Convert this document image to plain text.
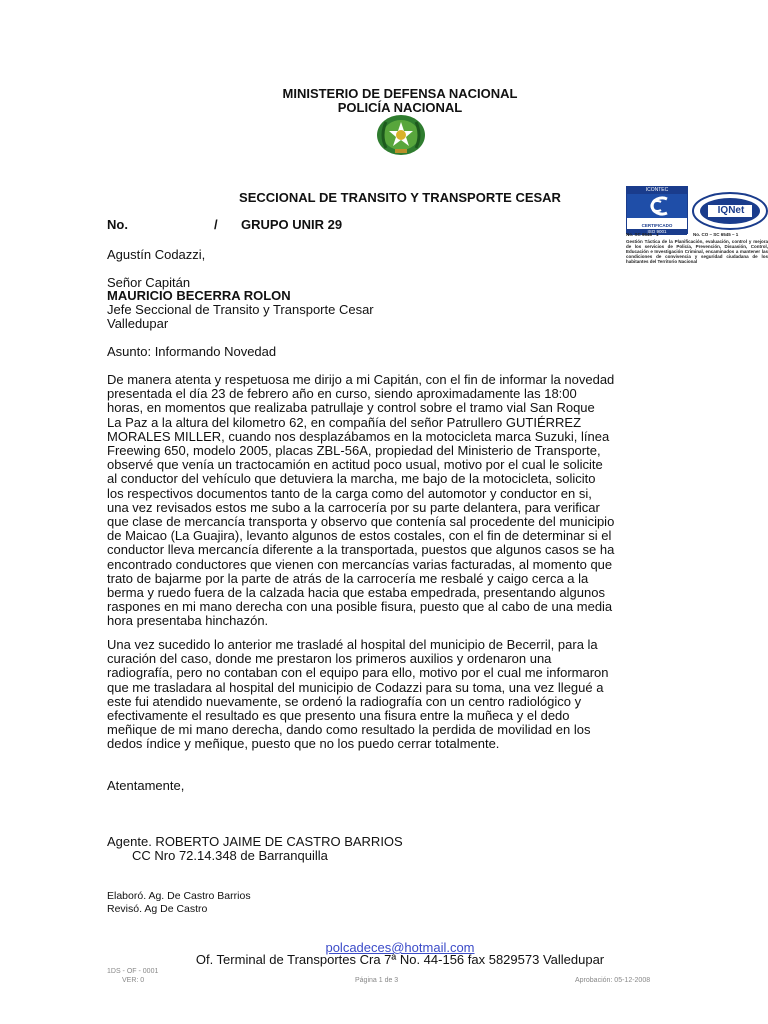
MINISTERIO DE DEFENSA NACIONAL
POLICÍA NACIONAL
SECCIONAL DE TRANSITO Y TRANSPORTE CESAR
No.	/ GRUPO UNIR 29
ICONTEC
CERTIFICADO
ISO 9001
IQNet
No. SC 6545 - 1	No. CO – SC 6545 – 1
Gestión Táctica de la Planificación, evaluación, control y mejora de los servicios de Policía, Prevención, Disuasión, Control, Educación e Investigación Criminal, encaminados a mantener las condiciones de convivencia y seguridad ciudadana de los habitantes del Territorio Nacional
Agustín Codazzi,
Señor Capitán
MAURICIO BECERRA ROLON
Jefe Seccional de Transito y Transporte Cesar
Valledupar
Asunto: Informando Novedad
De manera atenta y respetuosa me dirijo a mi Capitán, con el fin de informar la novedad
presentada el día 23 de febrero año en curso, siendo aproximadamente las 18:00
horas, en momentos que realizaba patrullaje y control sobre el tramo vial San Roque
La Paz a la altura del kilometro 62, en compañía del señor Patrullero GUTIÉRREZ
MORALES MILLER, cuando nos desplazábamos en la motocicleta marca Suzuki, línea
Freewing 650, modelo 2005, placas ZBL-56A, propiedad del Ministerio de Transporte,
observé que venía un tractocamión en actitud poco usual, motivo por el cual le solicite
al conductor del vehículo que detuviera la marcha, me bajo de la motocicleta, solicito
los respectivos documentos tanto de la carga como del automotor y conductor en si,
una vez revisados estos me subo a la carrocería por su parte delantera, para verificar
que clase de mercancía transporta y observo que contenía sal procedente del municipio
de Maicao (La Guajira), levanto algunos de estos costales, con el fin de determinar si el
conductor lleva mercancía diferente a la transportada, puestos que algunos casos se ha
encontrado conductores que vienen con mercancías varias facturadas, al momento que
trato de bajarme por la parte de atrás de la carrocería me resbalé y caigo cerca a la
berma y ruedo fuera de la calzada hacia que estaba empedrada, presentando algunos
raspones en mi mano derecha con una posible fisura, puesto que al cabo de una media
hora presentaba hinchazón.
Una vez sucedido lo anterior me trasladé al hospital del municipio de Becerril, para la
curación del caso, donde me prestaron los primeros auxilios y ordenaron una
radiografía, pero no contaban con el equipo para ello, motivo por el cual me informaron
que me trasladara al hospital del municipio de Codazzi para su toma, una vez llegué a
este fui atendido nuevamente, se ordenó la radiografía con un centro radiológico y
efectivamente el resultado es que presento una fisura entre la muñeca y el dedo
meñique de mi mano derecha, dando como resultado la perdida de movilidad en los
dedos índice y meñique, puesto que no los puedo cerrar totalmente.
Atentamente,
Agente. ROBERTO JAIME DE CASTRO BARRIOS
CC Nro 72.14.348 de Barranquilla
Elaboró. Ag. De Castro Barrios
Revisó. Ag De Castro
polcadeces@hotmail.com
Of. Terminal de Transportes Cra 7ª No. 44-156 fax 5829573 Valledupar
1DS - OF - 0001
VER: 0	Página 1 de 3	Aprobación: 05-12-2008
